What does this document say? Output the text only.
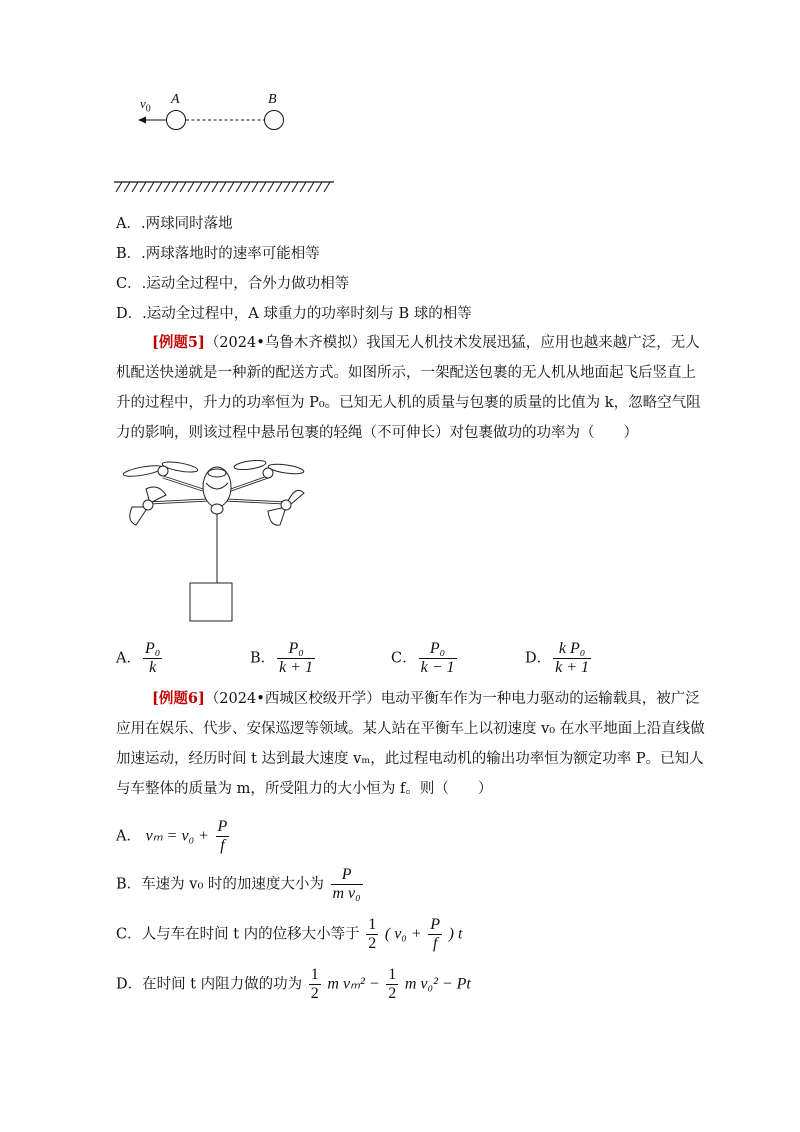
$v_0$
A	B
A．.两球同时落地
B．.两球落地时的速率可能相等
C．.运动全过程中，合外力做功相等
D．.运动全过程中，A 球重力的功率时刻与 B 球的相等
[例题5]（2024•乌鲁木齐模拟）我国无人机技术发展迅猛，应用也越来越广泛，无人机配送快递就是一种新的配送方式。如图所示，一架配送包裹的无人机从地面起飞后竖直上升的过程中，升力的功率恒为 P₀。已知无人机的质量与包裹的质量的比值为 k，忽略空气阻力的影响，则该过程中悬吊包裹的轻绳（不可伸长）对包裹做功的功率为（　　）
A． $\frac{\text{P₀}}{k}$	B． $\frac{\text{P₀}}{k + 1}$	C． $\frac{\text{P₀}}{k - 1}$	D． $\frac{\text{k P₀}}{k + 1}$
[例题6]（2024•西城区校级开学）电动平衡车作为一种电力驱动的运输载具，被广泛应用在娱乐、代步、安保巡逻等领域。某人站在平衡车上以初速度 v₀ 在水平地面上沿直线做加速运动，经历时间 t 达到最大速度 vₘ，此过程电动机的输出功率恒为额定功率 P。已知人与车整体的质量为 m，所受阻力的大小恒为 f。则（　　）
A． $v_m = v_0 + \frac{P}{f}$
B．车速为 v₀ 时的加速度大小为 $\frac{P}{\text{m v₀}}$
C．人与车在时间 t 内的位移大小等于 $\frac{1}{2}$ ( $v_0 + \frac{P}{f}$ ) t
D．在时间 t 内阻力做的功为 $\frac{1}{2}$ m $v_m^2 - \frac{1}{2}$ m v₀² − Pt
